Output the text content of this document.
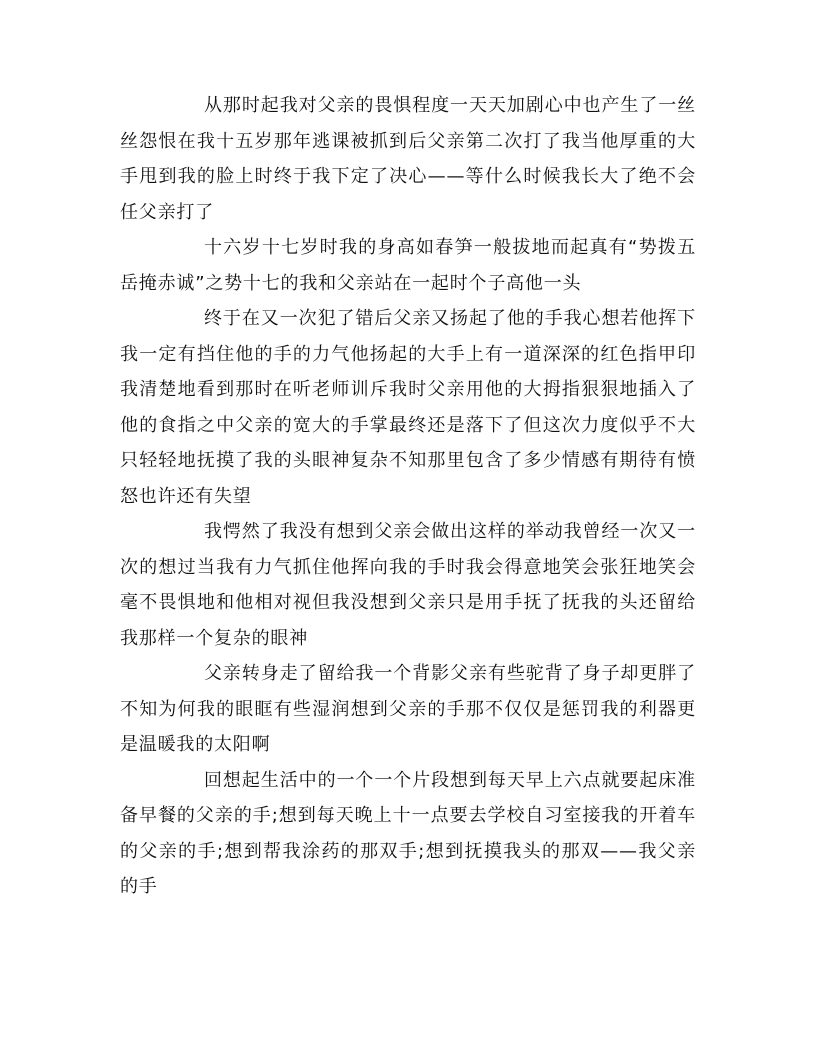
从那时起我对父亲的畏惧程度一天天加剧心中也产生了一丝丝怨恨在我十五岁那年逃课被抓到后父亲第二次打了我当他厚重的大手甩到我的脸上时终于我下定了决心——等什么时候我长大了绝不会任父亲打了

十六岁十七岁时我的身高如春笋一般拔地而起真有“势拨五岳掩赤诚”之势十七的我和父亲站在一起时个子高他一头

终于在又一次犯了错后父亲又扬起了他的手我心想若他挥下我一定有挡住他的手的力气他扬起的大手上有一道深深的红色指甲印我清楚地看到那时在听老师训斥我时父亲用他的大拇指狠狠地插入了他的食指之中父亲的宽大的手掌最终还是落下了但这次力度似乎不大只轻轻地抚摸了我的头眼神复杂不知那里包含了多少情感有期待有愤怒也许还有失望

我愕然了我没有想到父亲会做出这样的举动我曾经一次又一次的想过当我有力气抓住他挥向我的手时我会得意地笑会张狂地笑会毫不畏惧地和他相对视但我没想到父亲只是用手抚了抚我的头还留给我那样一个复杂的眼神

父亲转身走了留给我一个背影父亲有些驼背了身子却更胖了不知为何我的眼眶有些湿润想到父亲的手那不仅仅是惩罚我的利器更是温暖我的太阳啊

回想起生活中的一个一个片段想到每天早上六点就要起床准备早餐的父亲的手;想到每天晚上十一点要去学校自习室接我的开着车的父亲的手;想到帮我涂药的那双手;想到抚摸我头的那双——我父亲的手
